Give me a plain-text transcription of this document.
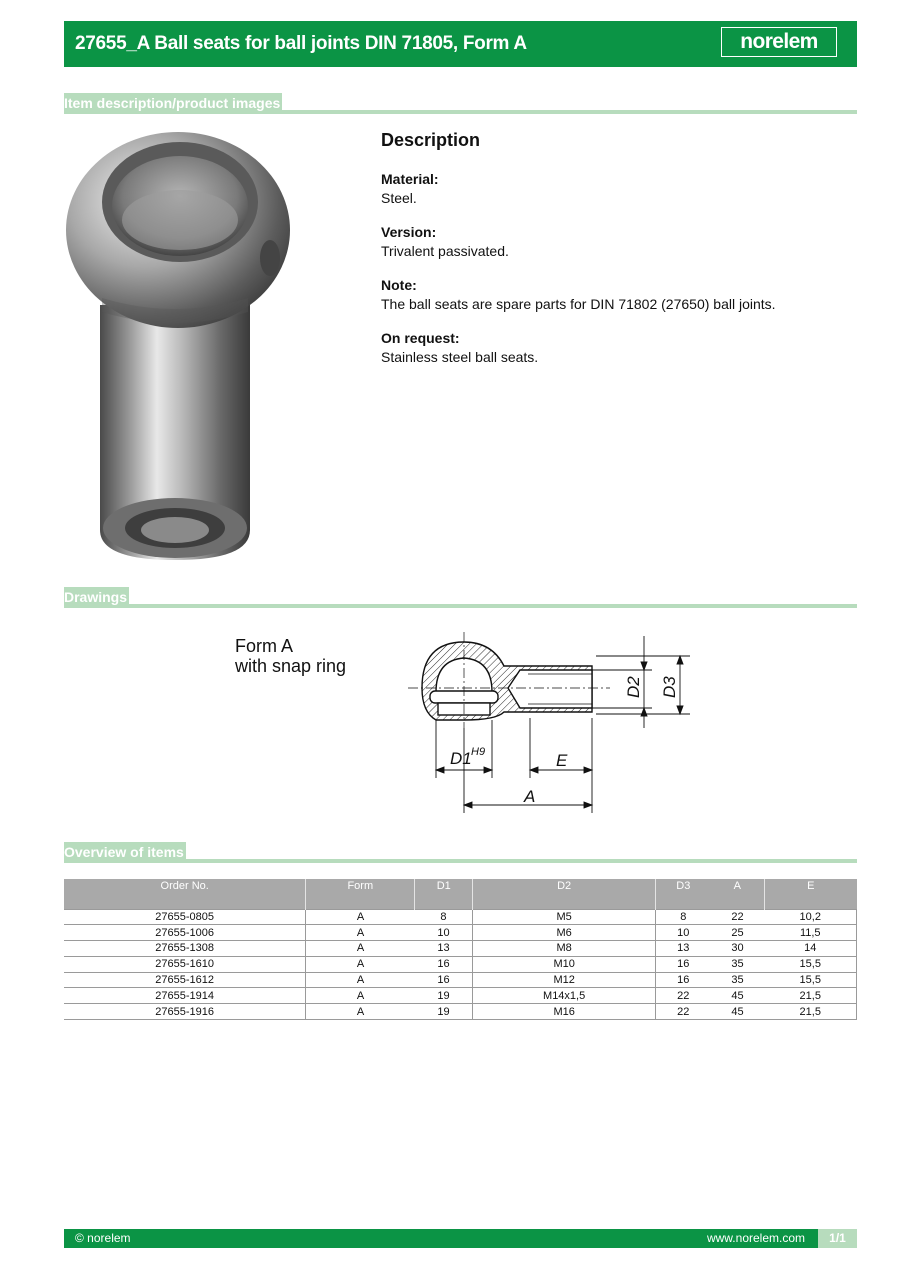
27655_A Ball seats for ball joints DIN 71805, Form A	norelem
Item description/product images
Description
Material:
Steel.
Version:
Trivalent passivated.
Note:
The ball seats are spare parts for DIN 71802 (27650) ball joints.
On request:
Stainless steel ball seats.
Drawings
Form A
with snap ring
D1 H9	E
A
D2 D3
Overview of items
Order No.	Form	D1	D2	D3	A	E
27655-0805	A	8	M5	8	22	10,2
27655-1006	A	10	M6	10	25	11,5
27655-1308	A	13	M8	13	30	14
27655-1610	A	16	M10	16	35	15,5
27655-1612	A	16	M12	16	35	15,5
27655-1914	A	19	M14x1,5	22	45	21,5
27655-1916	A	19	M16	22	45	21,5
© norelem	www.norelem.com	1/1
